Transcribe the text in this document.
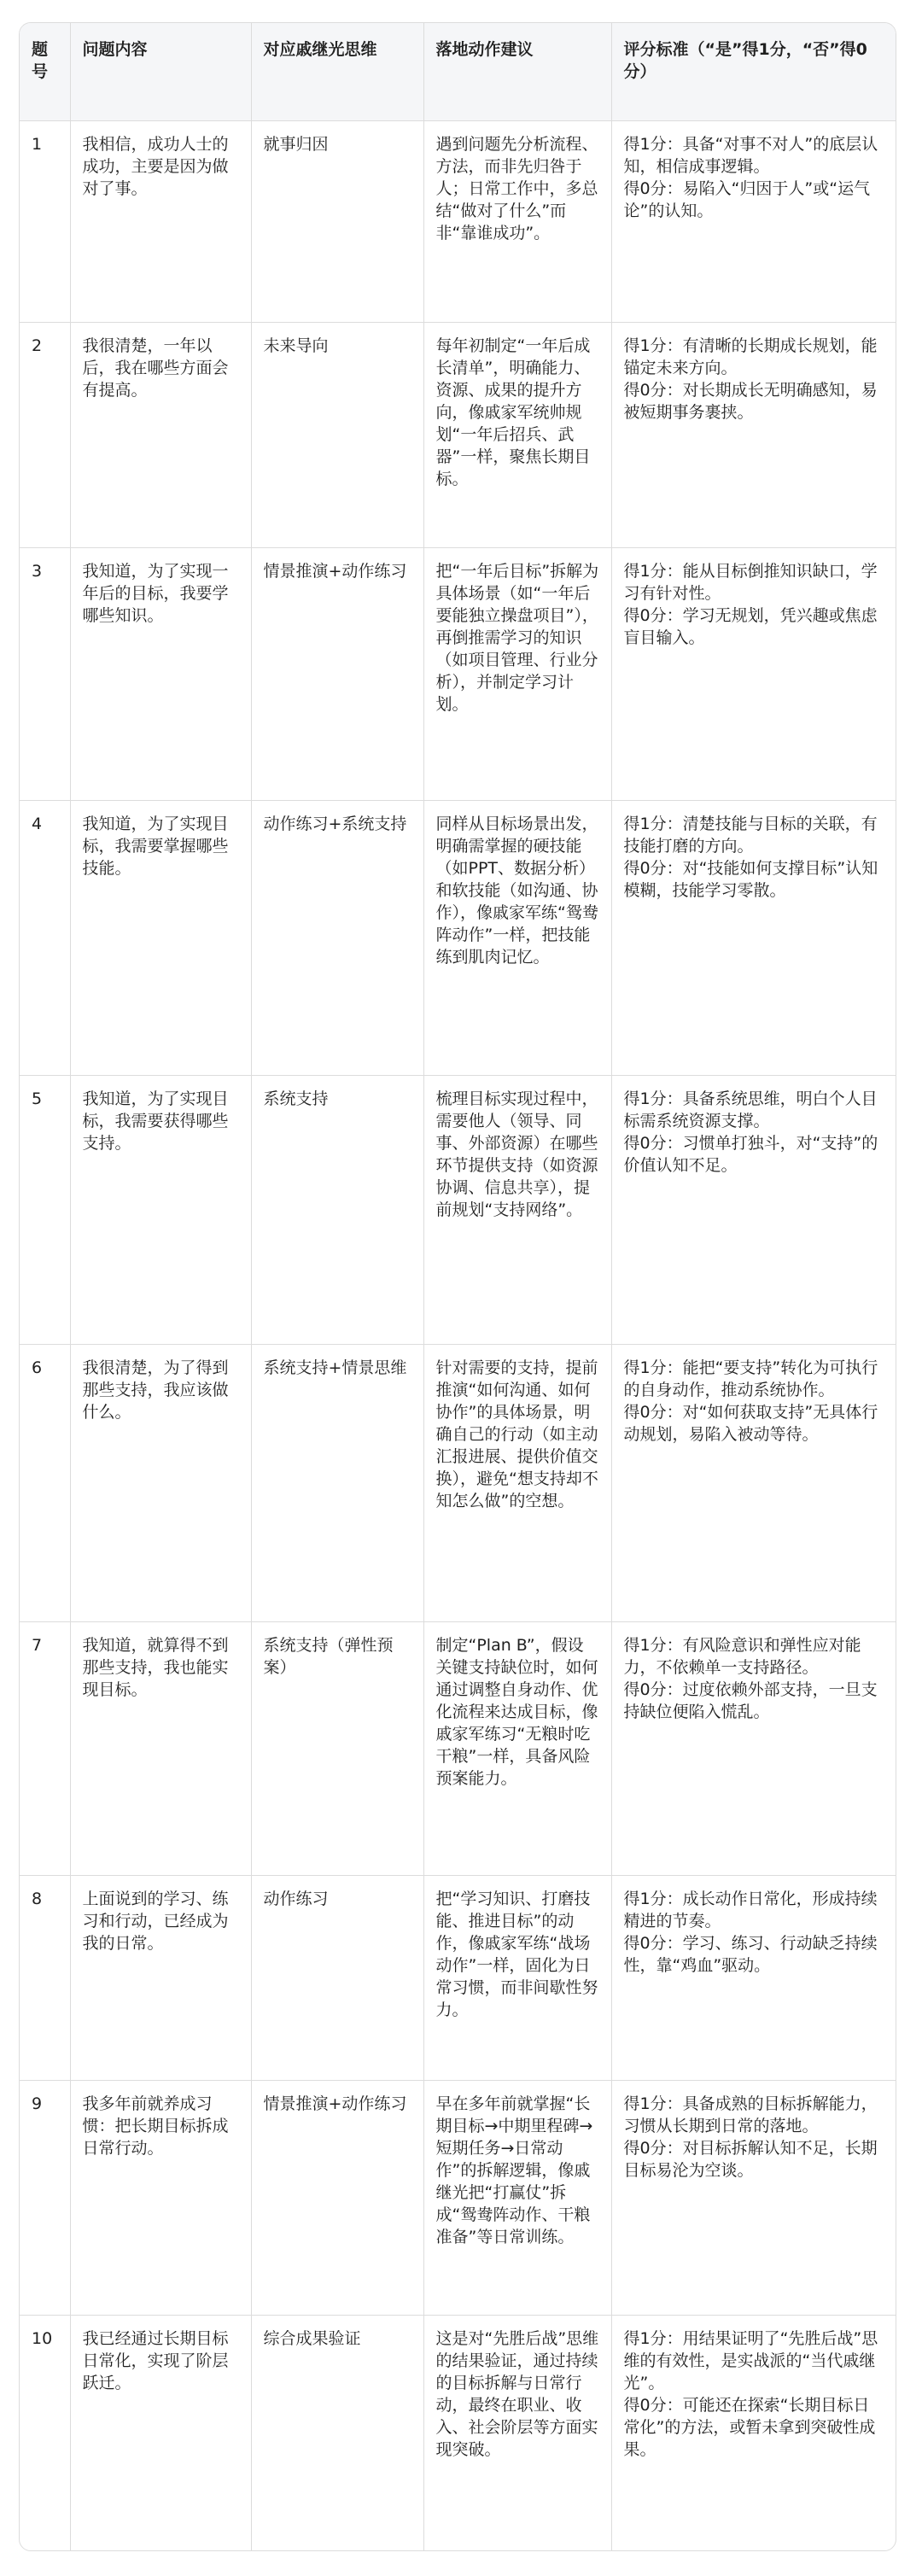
题号	问题内容	对应戚继光思维	落地动作建议	评分标准（“是”得1分，“否”得0分）
1	我相信，成功人士的成功，主要是因为做对了事。	就事归因	遇到问题先分析流程、方法，而非先归咎于人；日常工作中，多总结“做对了什么”而非“靠谁成功”。	得1分：具备“对事不对人”的底层认知，相信成事逻辑。
得0分：易陷入“归因于人”或“运气论”的认知。
2	我很清楚，一年以后，我在哪些方面会有提高。	未来导向	每年初制定“一年后成长清单”，明确能力、资源、成果的提升方向，像戚家军统帅规划“一年后招兵、武器”一样，聚焦长期目标。	得1分：有清晰的长期成长规划，能锚定未来方向。
得0分：对长期成长无明确感知，易被短期事务裹挟。
3	我知道，为了实现一年后的目标，我要学哪些知识。	情景推演+动作练习	把“一年后目标”拆解为具体场景（如“一年后要能独立操盘项目”），再倒推需学习的知识（如项目管理、行业分析），并制定学习计划。	得1分：能从目标倒推知识缺口，学习有针对性。
得0分：学习无规划，凭兴趣或焦虑盲目输入。
4	我知道，为了实现目标，我需要掌握哪些技能。	动作练习+系统支持	同样从目标场景出发，明确需掌握的硬技能（如PPT、数据分析）和软技能（如沟通、协作），像戚家军练“鸳鸯阵动作”一样，把技能练到肌肉记忆。	得1分：清楚技能与目标的关联，有技能打磨的方向。
得0分：对“技能如何支撑目标”认知模糊，技能学习零散。
5	我知道，为了实现目标，我需要获得哪些支持。	系统支持	梳理目标实现过程中，需要他人（领导、同事、外部资源）在哪些环节提供支持（如资源协调、信息共享），提前规划“支持网络”。	得1分：具备系统思维，明白个人目标需系统资源支撑。
得0分：习惯单打独斗，对“支持”的价值认知不足。
6	我很清楚，为了得到那些支持，我应该做什么。	系统支持+情景思维	针对需要的支持，提前推演“如何沟通、如何协作”的具体场景，明确自己的行动（如主动汇报进展、提供价值交换），避免“想支持却不知怎么做”的空想。	得1分：能把“要支持”转化为可执行的自身动作，推动系统协作。
得0分：对“如何获取支持”无具体行动规划，易陷入被动等待。
7	我知道，就算得不到那些支持，我也能实现目标。	系统支持（弹性预案）	制定“Plan B”，假设关键支持缺位时，如何通过调整自身动作、优化流程来达成目标，像戚家军练习“无粮时吃干粮”一样，具备风险预案能力。	得1分：有风险意识和弹性应对能力，不依赖单一支持路径。
得0分：过度依赖外部支持，一旦支持缺位便陷入慌乱。
8	上面说到的学习、练习和行动，已经成为我的日常。	动作练习	把“学习知识、打磨技能、推进目标”的动作，像戚家军练“战场动作”一样，固化为日常习惯，而非间歇性努力。	得1分：成长动作日常化，形成持续精进的节奏。
得0分：学习、练习、行动缺乏持续性，靠“鸡血”驱动。
9	我多年前就养成习惯：把长期目标拆成日常行动。	情景推演+动作练习	早在多年前就掌握“长期目标→中期里程碑→短期任务→日常动作”的拆解逻辑，像戚继光把“打赢仗”拆成“鸳鸯阵动作、干粮准备”等日常训练。	得1分：具备成熟的目标拆解能力，习惯从长期到日常的落地。
得0分：对目标拆解认知不足，长期目标易沦为空谈。
10	我已经通过长期目标日常化，实现了阶层跃迁。	综合成果验证	这是对“先胜后战”思维的结果验证，通过持续的目标拆解与日常行动，最终在职业、收入、社会阶层等方面实现突破。	得1分：用结果证明了“先胜后战”思维的有效性，是实战派的“当代戚继光”。
得0分：可能还在探索“长期目标日常化”的方法，或暂未拿到突破性成果。
